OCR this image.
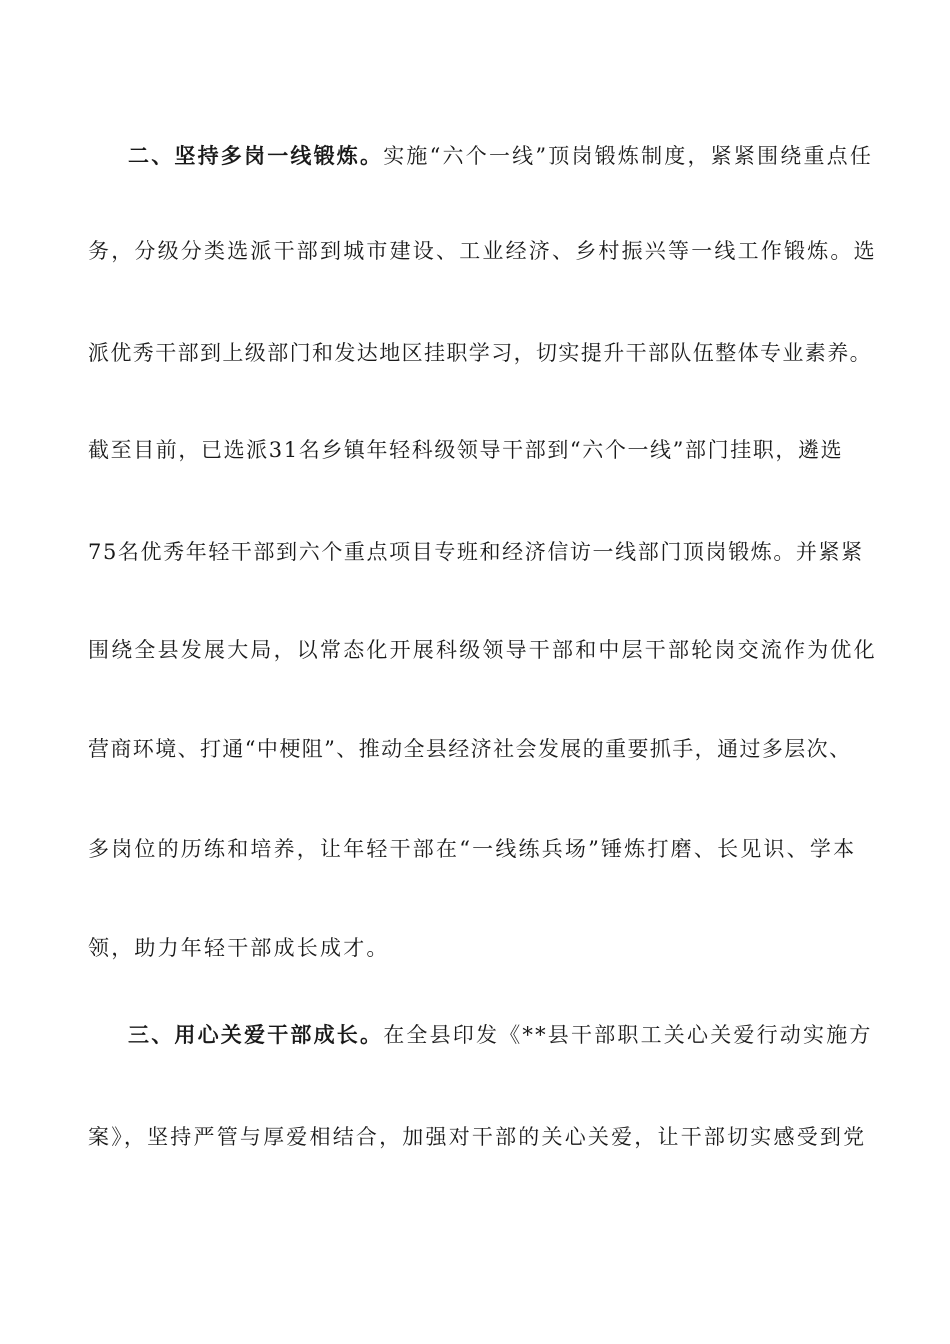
二、坚持多岗一线锻炼。实施“六个一线”顶岗锻炼制度，紧紧围绕重点任
务，分级分类选派干部到城市建设、工业经济、乡村振兴等一线工作锻炼。选
派优秀干部到上级部门和发达地区挂职学习，切实提升干部队伍整体专业素养。
截至目前，已选派31名乡镇年轻科级领导干部到“六个一线”部门挂职，遴选
75名优秀年轻干部到六个重点项目专班和经济信访一线部门顶岗锻炼。并紧紧
围绕全县发展大局，以常态化开展科级领导干部和中层干部轮岗交流作为优化
营商环境、打通“中梗阻”、推动全县经济社会发展的重要抓手，通过多层次、
多岗位的历练和培养，让年轻干部在“一线练兵场”锤炼打磨、长见识、学本
领，助力年轻干部成长成才。
三、用心关爱干部成长。在全县印发《**县干部职工关心关爱行动实施方
案》，坚持严管与厚爱相结合，加强对干部的关心关爱，让干部切实感受到党
